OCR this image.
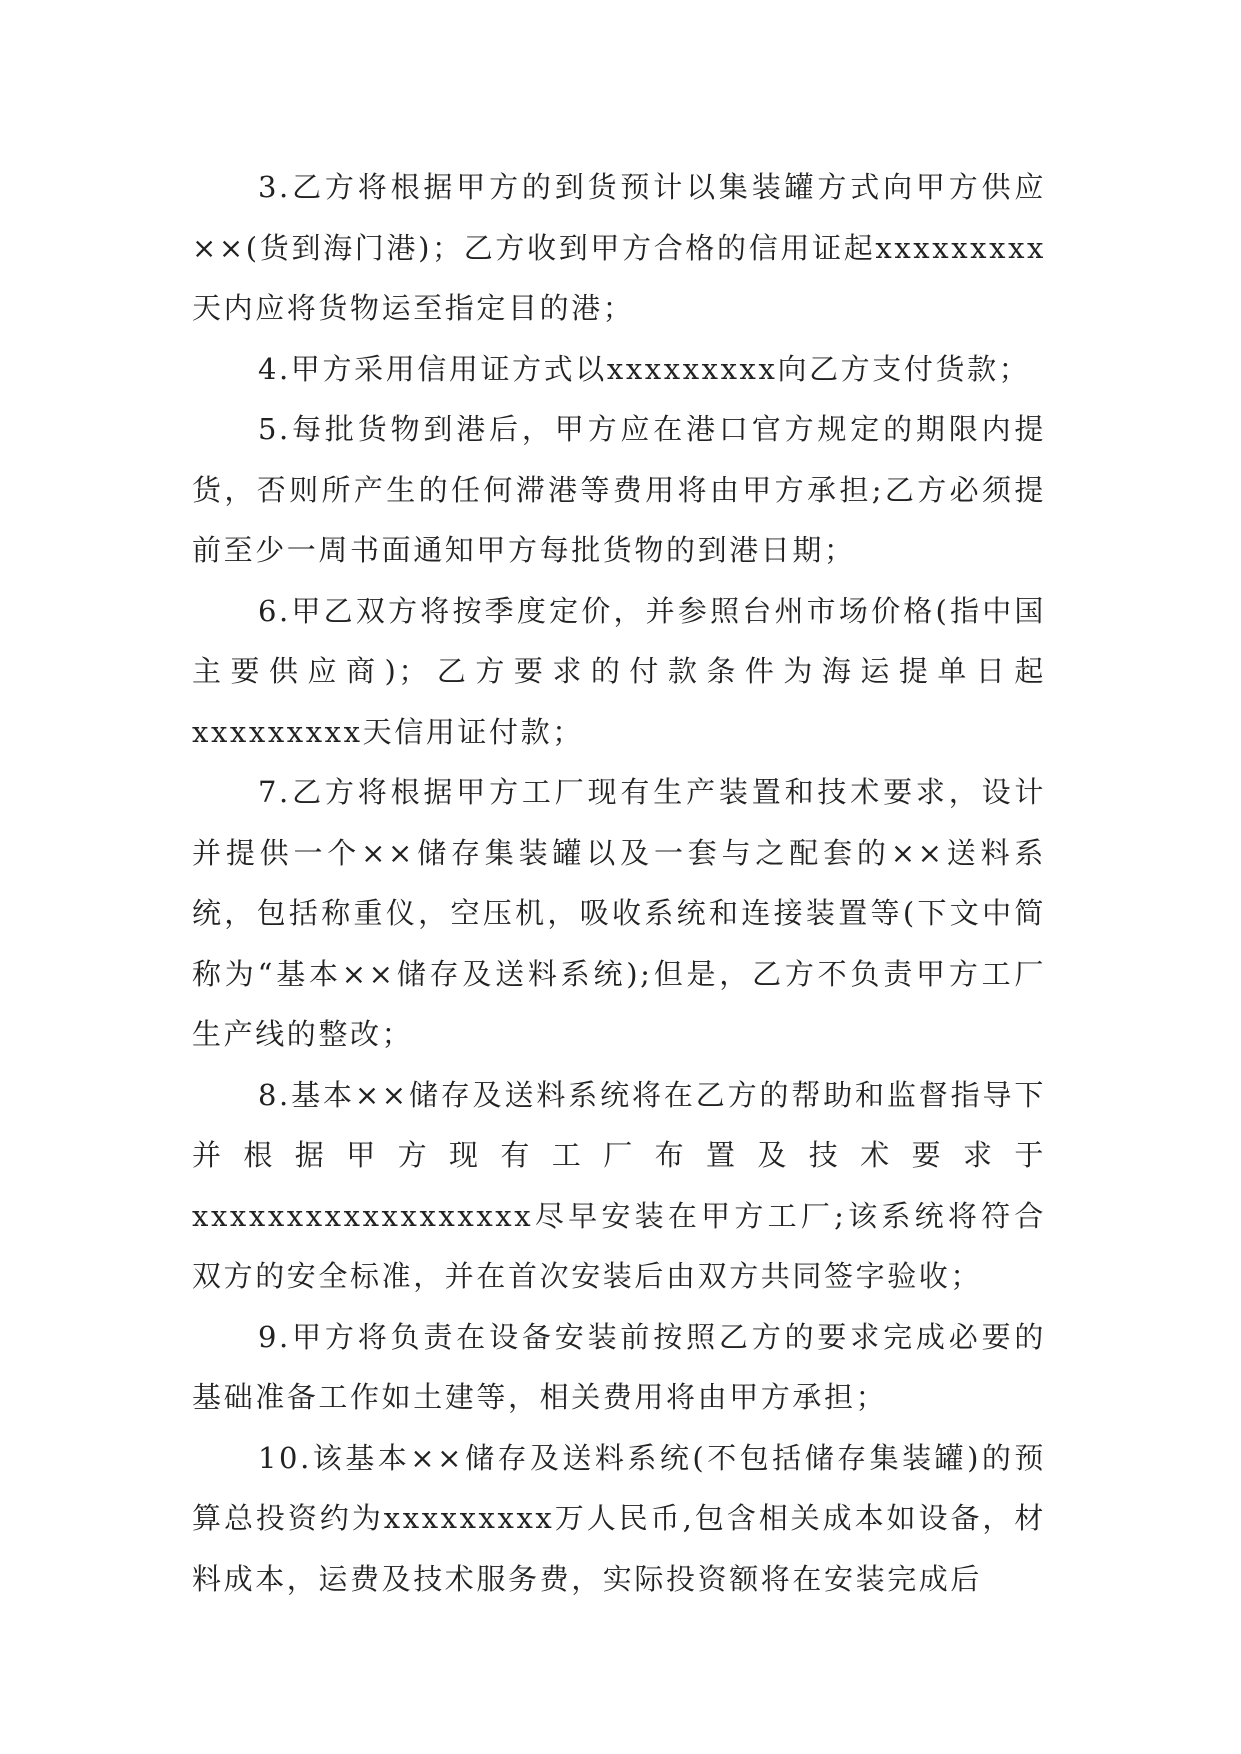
3.乙方将根据甲方的到货预计以集装罐方式向甲方供应××(货到海门港)；乙方收到甲方合格的信用证起xxxxxxxxx天内应将货物运至指定目的港；

4.甲方采用信用证方式以xxxxxxxxx向乙方支付货款；

5.每批货物到港后，甲方应在港口官方规定的期限内提货，否则所产生的任何滞港等费用将由甲方承担;乙方必须提前至少一周书面通知甲方每批货物的到港日期；

6.甲乙双方将按季度定价，并参照台州市场价格(指中国主要供应商)；乙方要求的付款条件为海运提单日起xxxxxxxxx天信用证付款；

7.乙方将根据甲方工厂现有生产装置和技术要求，设计并提供一个××储存集装罐以及一套与之配套的××送料系统，包括称重仪，空压机，吸收系统和连接装置等(下文中简称为“基本××储存及送料系统);但是，乙方不负责甲方工厂生产线的整改；

8.基本××储存及送料系统将在乙方的帮助和监督指导下并根据甲方现有工厂布置及技术要求于xxxxxxxxxxxxxxxxxx尽早安装在甲方工厂;该系统将符合双方的安全标准，并在首次安装后由双方共同签字验收；

9.甲方将负责在设备安装前按照乙方的要求完成必要的基础准备工作如土建等，相关费用将由甲方承担；

10.该基本××储存及送料系统(不包括储存集装罐)的预算总投资约为xxxxxxxxx万人民币,包含相关成本如设备，材料成本，运费及技术服务费，实际投资额将在安装完成后
